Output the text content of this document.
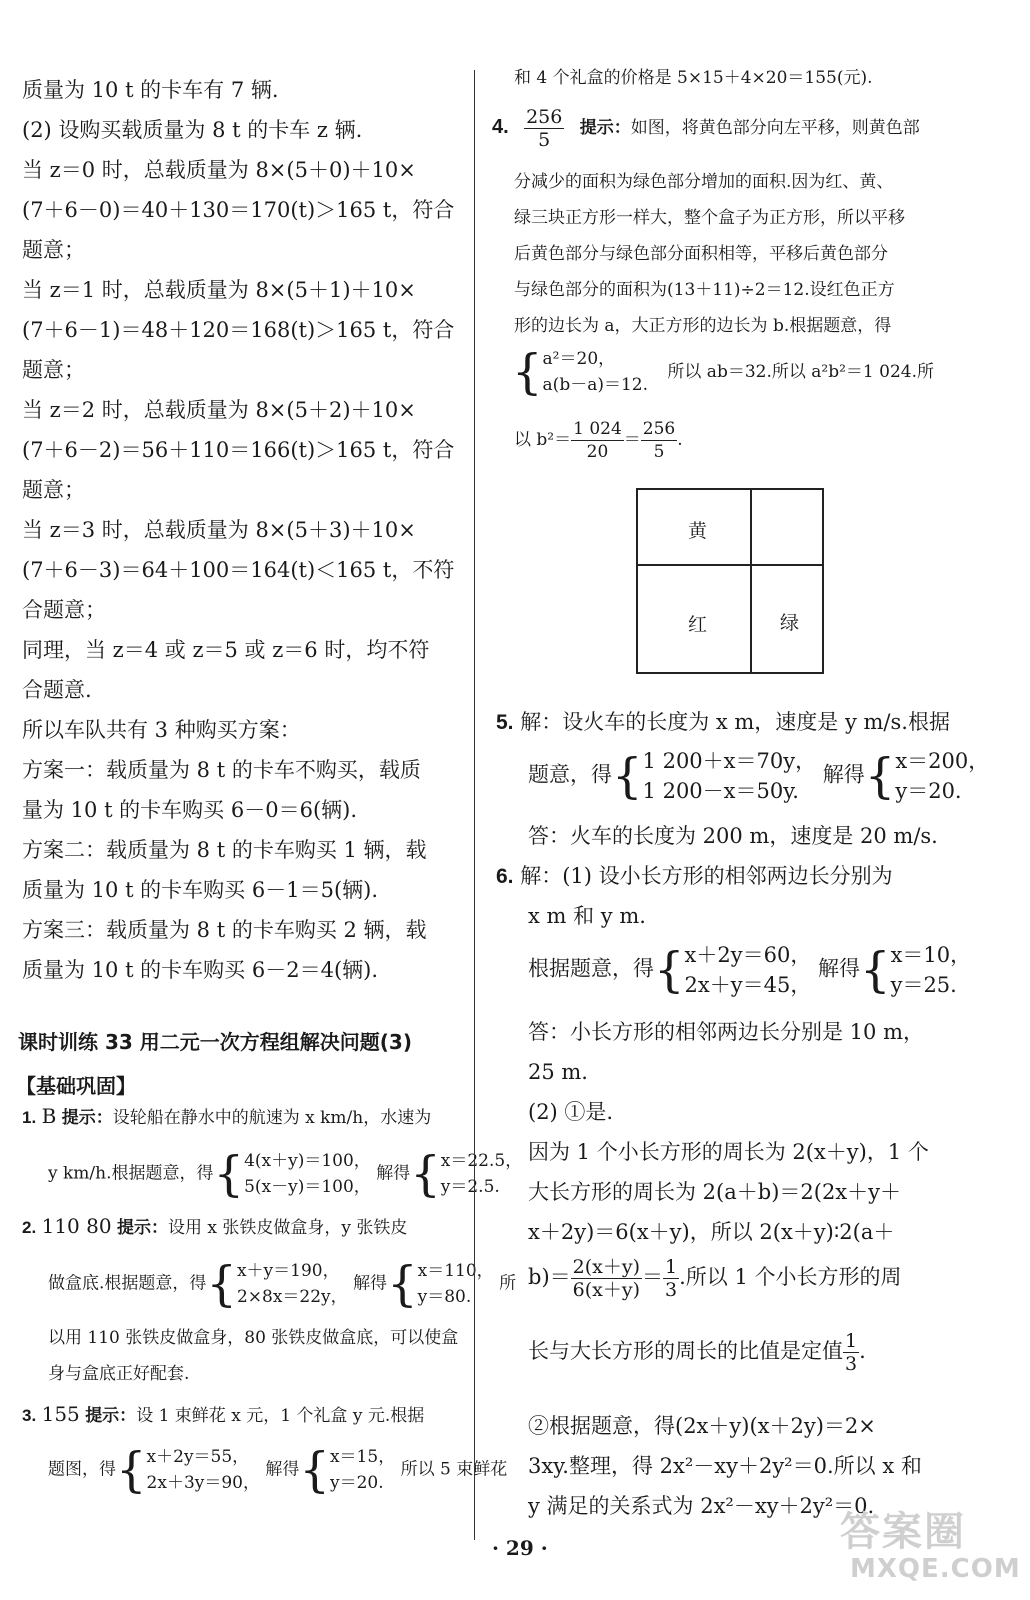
质量为 10 t 的卡车有 7 辆.
(2) 设购买载质量为 8 t 的卡车 z 辆.
当 z＝0 时，总载质量为 8×(5＋0)＋10×
(7＋6－0)＝40＋130＝170(t)＞165 t，符合
题意；
当 z＝1 时，总载质量为 8×(5＋1)＋10×
(7＋6－1)＝48＋120＝168(t)＞165 t，符合
题意；
当 z＝2 时，总载质量为 8×(5＋2)＋10×
(7＋6－2)＝56＋110＝166(t)＞165 t，符合
题意；
当 z＝3 时，总载质量为 8×(5＋3)＋10×
(7＋6－3)＝64＋100＝164(t)＜165 t，不符
合题意；
同理，当 z＝4 或 z＝5 或 z＝6 时，均不符
合题意.
所以车队共有 3 种购买方案：
方案一：载质量为 8 t 的卡车不购买，载质
量为 10 t 的卡车购买 6－0＝6(辆).
方案二：载质量为 8 t 的卡车购买 1 辆，载
质量为 10 t 的卡车购买 6－1＝5(辆).
方案三：载质量为 8 t 的卡车购买 2 辆，载
质量为 10 t 的卡车购买 6－2＝4(辆).
课时训练 33 用二元一次方程组解决问题(3)
【基础巩固】
1. B 提示：设轮船在静水中的航速为 x km/h，水速为
y km/h.根据题意，得{ 4(x＋y)＝100，
5(x－y)＝100，
解得{ x＝22.5，
y＝2.5.
2. 110 80 提示：设用 x 张铁皮做盒身，y 张铁皮
做盒底.根据题意，得{ x＋y＝190，
2×8x＝22y，
解得{ x＝110，
y＝80.
所
以用 110 张铁皮做盒身，80 张铁皮做盒底，可以使盒
身与盒底正好配套.
3. 155 提示：设 1 束鲜花 x 元，1 个礼盒 y 元.根据
题图，得{ x＋2y＝55，
2x＋3y＝90，
解得{ x＝15，
y＝20.
所以 5 束鲜花
和 4 个礼盒的价格是 5×15＋4×20＝155(元).
4. $\frac{256}{5}$ 提示：如图，将黄色部分向左平移，则黄色部
分减少的面积为绿色部分增加的面积.因为红、黄、
绿三块正方形一样大，整个盒子为正方形，所以平移
后黄色部分与绿色部分面积相等，平移后黄色部分
与绿色部分的面积为(13＋11)÷2＝12.设红色正方
形的边长为 a，大正方形的边长为 b.根据题意，得
{ a²＝20，
a(b－a)＝12.
所以 ab＝32.所以 a²b²＝1 024.所
以 $b^2= \frac{1 024}{20} = \frac{256}{5}$ .
5. 解：设火车的长度为 x m，速度是 y m/s.根据
题意，得{ 1 200＋x＝70y，
1 200－x＝50y.
解得{ x＝200，
y＝20.
答：火车的长度为 200 m，速度是 20 m/s.
6. 解：(1) 设小长方形的相邻两边长分别为
x m 和 y m.
根据题意，得{ x＋2y＝60，
2x＋y＝45，
解得{ x＝10，
y＝25.
答：小长方形的相邻两边长分别是 10 m，
25 m.
(2) ①是.
因为 1 个小长方形的周长为 2(x＋y)，1 个
大长方形的周长为 2(a＋b)＝2(2x＋y＋
x＋2y)＝6(x＋y)，所以 2(x＋y)∶2(a＋
$b)= \frac{2(x+y)}{6(x+y)} = \frac{1}{3}$ .所以 1 个小长方形的周
长与大长方形的周长的比值是定值 $\frac{1}{3}$ .
②根据题意，得(2x＋y)(x＋2y)＝2×
3xy.整理，得 2x²－xy＋2y²＝0.所以 x 和
y 满足的关系式为 2x²－xy＋2y²＝0.
黄
红	绿
· 29 ·	答案圈
MXQE.COM
